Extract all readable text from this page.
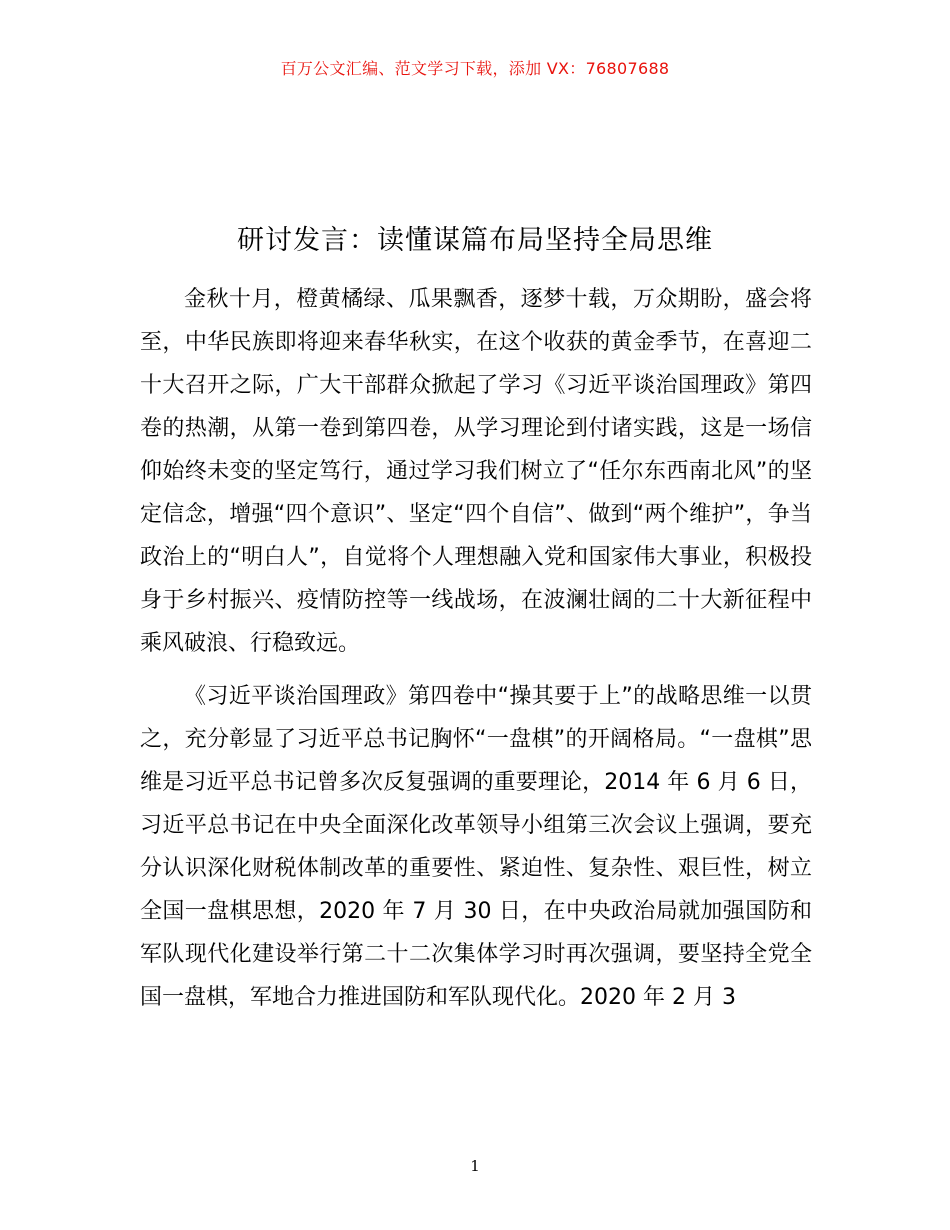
百万公文汇编、范文学习下载，添加 VX：76807688
研讨发言：读懂谋篇布局坚持全局思维

金秋十月，橙黄橘绿、瓜果飘香，逐梦十载，万众期盼，盛会将至，中华民族即将迎来春华秋实，在这个收获的黄金季节，在喜迎二十大召开之际，广大干部群众掀起了学习《习近平谈治国理政》第四卷的热潮，从第一卷到第四卷，从学习理论到付诸实践，这是一场信仰始终未变的坚定笃行，通过学习我们树立了“任尔东西南北风”的坚定信念，增强“四个意识”、坚定“四个自信”、做到“两个维护”，争当政治上的“明白人”，自觉将个人理想融入党和国家伟大事业，积极投身于乡村振兴、疫情防控等一线战场，在波澜壮阔的二十大新征程中乘风破浪、行稳致远。

《习近平谈治国理政》第四卷中“操其要于上”的战略思维一以贯之，充分彰显了习近平总书记胸怀“一盘棋”的开阔格局。“一盘棋”思维是习近平总书记曾多次反复强调的重要理论，2014 年 6 月 6 日，习近平总书记在中央全面深化改革领导小组第三次会议上强调，要充分认识深化财税体制改革的重要性、紧迫性、复杂性、艰巨性，树立全国一盘棋思想，2020 年 7 月 30 日，在中央政治局就加强国防和军队现代化建设举行第二十二次集体学习时再次强调，要坚持全党全国一盘棋，军地合力推进国防和军队现代化。2020 年 2 月 3

1
